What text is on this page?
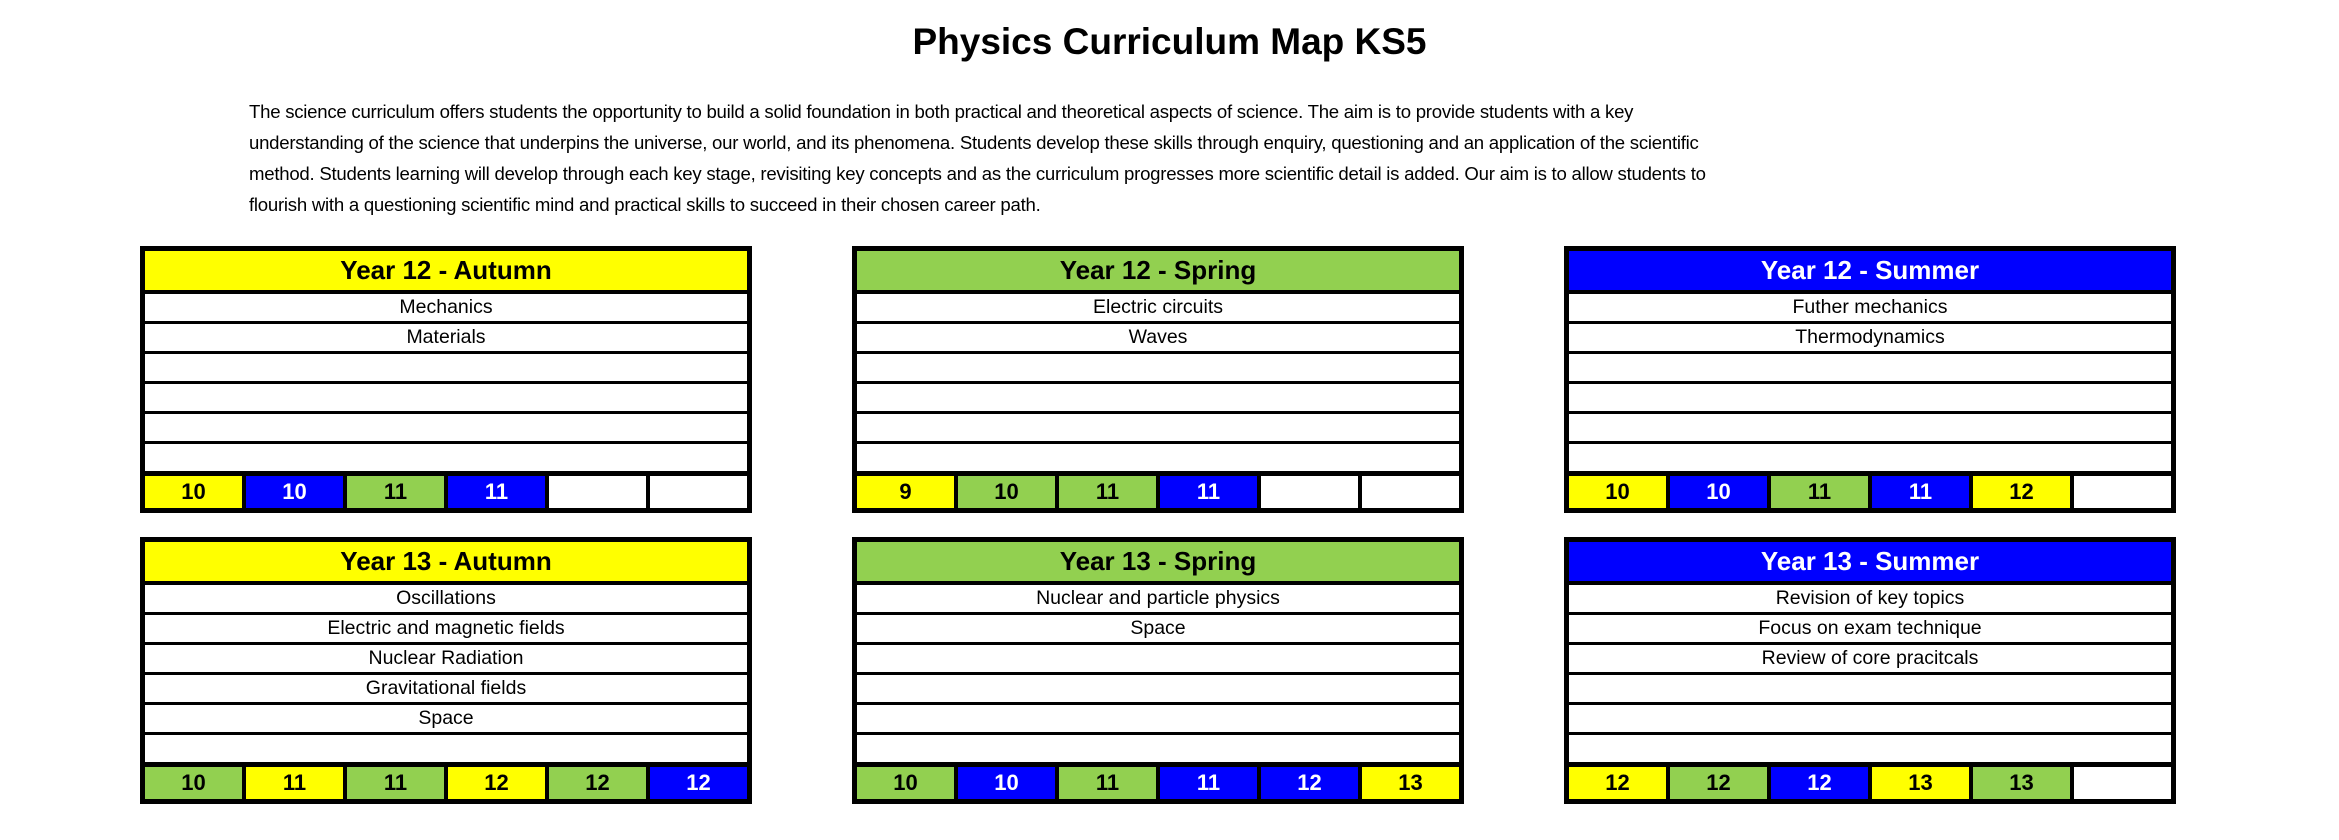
Physics Curriculum Map KS5
The science curriculum offers students the opportunity to build a solid foundation in both practical and theoretical aspects of science. The aim is to provide students with a key
understanding of the science that underpins the universe, our world, and its phenomena. Students develop these skills through enquiry, questioning and an application of the scientific
method. Students learning will develop through each key stage, revisiting key concepts and as the curriculum progresses more scientific detail is added. Our aim is to allow students to
flourish with a questioning scientific mind and practical skills to succeed in their chosen career path.
Year 12 - Autumn
Mechanics
Materials
10	10	11	11
Year 12 - Spring
Electric circuits
Waves
9	10	11	11
Year 12 - Summer
Futher mechanics
Thermodynamics
10	10	11	11	12
Year 13 - Autumn
Oscillations
Electric and magnetic fields
Nuclear Radiation
Gravitational fields
Space
10	11	11	12	12	12
Year 13 - Spring
Nuclear and particle physics
Space
10	10	11	11	12	13
Year 13 - Summer
Revision of key topics
Focus on exam technique
Review of core pracitcals
12	12	12	13	13
